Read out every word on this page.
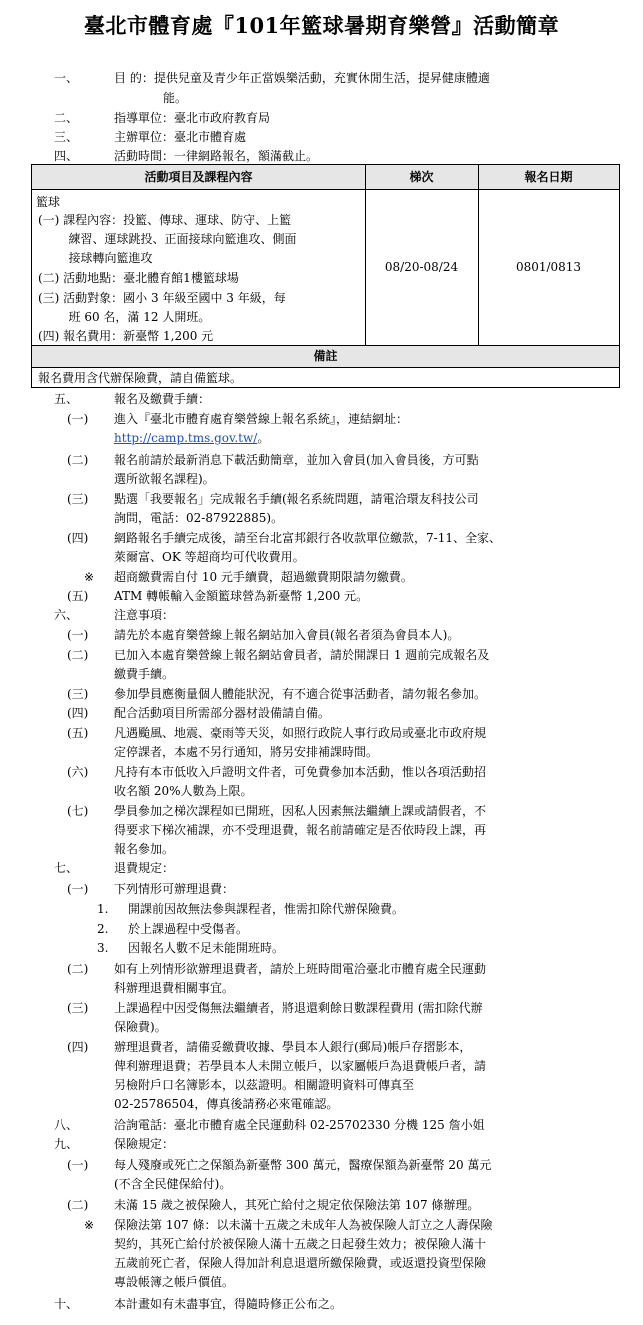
臺北市體育處『101年籃球暑期育樂營』活動簡章
一、	目 的：提供兒童及青少年正當娛樂活動，充實休閒生活，提昇健康體適
能。
二、	指導單位：臺北市政府教育局
三、	主辦單位：臺北市體育處
四、	活動時間：一律網路報名，額滿截止。
活動項目及課程內容	梯次	報名日期
籃球
(一) 課程內容：投籃、傳球、運球、防守、上籃
練習、運球跳投、正面接球向籃進攻、側面
接球轉向籃進攻
(二) 活動地點：臺北體育館1樓籃球場
(三) 活動對象：國小 3 年級至國中 3 年級，每
班 60 名，滿 12 人開班。
(四) 報名費用：新臺幣 1,200 元
08/20-08/24	0801/0813
備註
報名費用含代辦保險費，請自備籃球。
五、	報名及繳費手續：
(一) 進入『臺北市體育處育樂營線上報名系統』，連結網址：
http://camp.tms.gov.tw/。
(二) 報名前請於最新消息下載活動簡章，並加入會員(加入會員後，方可點
選所欲報名課程)。
(三) 點選「我要報名」完成報名手續(報名系統問題，請電洽環友科技公司
詢問，電話：02-87922885)。
(四) 網路報名手續完成後，請至台北富邦銀行各收款單位繳款，7-11、全家、
萊爾富、OK 等超商均可代收費用。
※ 超商繳費需自付 10 元手續費，超過繳費期限請勿繳費。
(五) ATM 轉帳輸入金額籃球營為新臺幣 1,200 元。
六、	注意事項：
(一) 請先於本處育樂營線上報名網站加入會員(報名者須為會員本人)。
(二) 已加入本處育樂營線上報名網站會員者，請於開課日 1 週前完成報名及
繳費手續。
(三) 參加學員應衡量個人體能狀況，有不適合從事活動者，請勿報名參加。
(四) 配合活動項目所需部分器材設備請自備。
(五) 凡遇颱風、地震、豪雨等天災，如照行政院人事行政局或臺北市政府規
定停課者，本處不另行通知，將另安排補課時間。
(六) 凡持有本市低收入戶證明文件者，可免費參加本活動，惟以各項活動招
收名額 20%人數為上限。
(七) 學員參加之梯次課程如已開班，因私人因素無法繼續上課或請假者，不
得要求下梯次補課，亦不受理退費，報名前請確定是否依時段上課，再
報名參加。
七、	退費規定：
(一) 下列情形可辦理退費：
1. 開課前因故無法參與課程者，惟需扣除代辦保險費。
2. 於上課過程中受傷者。
3. 因報名人數不足未能開班時。
(二) 如有上列情形欲辦理退費者，請於上班時間電洽臺北市體育處全民運動
科辦理退費相關事宜。
(三) 上課過程中因受傷無法繼續者，將退還剩餘日數課程費用 (需扣除代辦
保險費)。
(四) 辦理退費者，請備妥繳費收據、學員本人銀行(郵局)帳戶存摺影本，
俾利辦理退費；若學員本人未開立帳戶，以家屬帳戶為退費帳戶者，請
另檢附戶口名簿影本，以茲證明。相關證明資料可傳真至
02-25786504，傳真後請務必來電確認。
八、	洽詢電話：臺北市體育處全民運動科 02-25702330 分機 125 詹小姐
九、	保險規定：
(一) 每人殘廢或死亡之保額為新臺幣 300 萬元，醫療保額為新臺幣 20 萬元
(不含全民健保給付)。
(二) 未滿 15 歲之被保險人，其死亡給付之規定依保險法第 107 條辦理。
※ 保險法第 107 條：以未滿十五歲之未成年人為被保險人訂立之人壽保險
契約，其死亡給付於被保險人滿十五歲之日起發生效力；被保險人滿十
五歲前死亡者，保險人得加計利息退還所繳保險費，或返還投資型保險
專設帳簿之帳戶價值。
十、	本計畫如有未盡事宜，得隨時修正公布之。
